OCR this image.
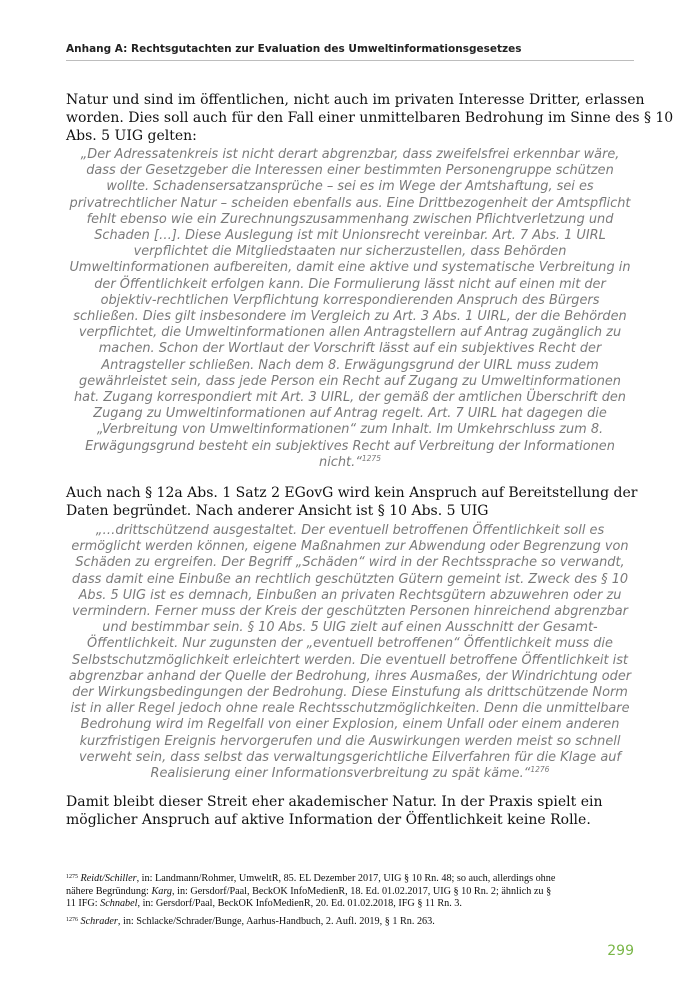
Anhang A: Rechtsgutachten zur Evaluation des Umweltinformationsgesetzes
Natur und sind im öffentlichen, nicht auch im privaten Interesse Dritter, erlassen
worden. Dies soll auch für den Fall einer unmittelbaren Bedrohung im Sinne des § 10
Abs. 5 UIG gelten:
„Der Adressatenkreis ist nicht derart abgrenzbar, dass zweifelsfrei erkennbar wäre,
dass der Gesetzgeber die Interessen einer bestimmten Personengruppe schützen
wollte. Schadensersatzansprüche – sei es im Wege der Amtshaftung, sei es
privatrechtlicher Natur – scheiden ebenfalls aus. Eine Drittbezogenheit der Amtspflicht
fehlt ebenso wie ein Zurechnungszusammenhang zwischen Pflichtverletzung und
Schaden […]. Diese Auslegung ist mit Unionsrecht vereinbar. Art. 7 Abs. 1 UIRL
verpflichtet die Mitgliedstaaten nur sicherzustellen, dass Behörden
Umweltinformationen aufbereiten, damit eine aktive und systematische Verbreitung in
der Öffentlichkeit erfolgen kann. Die Formulierung lässt nicht auf einen mit der
objektiv-rechtlichen Verpflichtung korrespondierenden Anspruch des Bürgers
schließen. Dies gilt insbesondere im Vergleich zu Art. 3 Abs. 1 UIRL, der die Behörden
verpflichtet, die Umweltinformationen allen Antragstellern auf Antrag zugänglich zu
machen. Schon der Wortlaut der Vorschrift lässt auf ein subjektives Recht der
Antragsteller schließen. Nach dem 8. Erwägungsgrund der UIRL muss zudem
gewährleistet sein, dass jede Person ein Recht auf Zugang zu Umweltinformationen
hat. Zugang korrespondiert mit Art. 3 UIRL, der gemäß der amtlichen Überschrift den
Zugang zu Umweltinformationen auf Antrag regelt. Art. 7 UIRL hat dagegen die
„Verbreitung von Umweltinformationen“ zum Inhalt. Im Umkehrschluss zum 8.
Erwägungsgrund besteht ein subjektives Recht auf Verbreitung der Informationen
nicht.“$^{1275}$
Auch nach § 12a Abs. 1 Satz 2 EGovG wird kein Anspruch auf Bereitstellung der
Daten begründet. Nach anderer Ansicht ist § 10 Abs. 5 UIG
„…drittschützend ausgestaltet. Der eventuell betroffenen Öffentlichkeit soll es
ermöglicht werden können, eigene Maßnahmen zur Abwendung oder Begrenzung von
Schäden zu ergreifen. Der Begriff „Schäden“ wird in der Rechtssprache so verwandt,
dass damit eine Einbuße an rechtlich geschützten Gütern gemeint ist. Zweck des § 10
Abs. 5 UIG ist es demnach, Einbußen an privaten Rechtsgütern abzuwehren oder zu
vermindern. Ferner muss der Kreis der geschützten Personen hinreichend abgrenzbar
und bestimmbar sein. § 10 Abs. 5 UIG zielt auf einen Ausschnitt der Gesamt-
Öffentlichkeit. Nur zugunsten der „eventuell betroffenen“ Öffentlichkeit muss die
Selbstschutzmöglichkeit erleichtert werden. Die eventuell betroffene Öffentlichkeit ist
abgrenzbar anhand der Quelle der Bedrohung, ihres Ausmaßes, der Windrichtung oder
der Wirkungsbedingungen der Bedrohung. Diese Einstufung als drittschützende Norm
ist in aller Regel jedoch ohne reale Rechtsschutzmöglichkeiten. Denn die unmittelbare
Bedrohung wird im Regelfall von einer Explosion, einem Unfall oder einem anderen
kurzfristigen Ereignis hervorgerufen und die Auswirkungen werden meist so schnell
verweht sein, dass selbst das verwaltungsgerichtliche Eilverfahren für die Klage auf
Realisierung einer Informationsverbreitung zu spät käme.“$^{1276}$
Damit bleibt dieser Streit eher akademischer Natur. In der Praxis spielt ein
möglicher Anspruch auf aktive Information der Öffentlichkeit keine Rolle.
$^{1275}$ Reidt/Schiller, in: Landmann/Rohmer, UmweltR, 85. EL Dezember 2017, UIG § 10 Rn. 48; so auch, allerdings ohne
nähere Begründung: Karg, in: Gersdorf/Paal, BeckOK InfoMedienR, 18. Ed. 01.02.2017, UIG § 10 Rn. 2; ähnlich zu §
11 IFG: Schnabel, in: Gersdorf/Paal, BeckOK InfoMedienR, 20. Ed. 01.02.2018, IFG § 11 Rn. 3.
$^{1276}$ Schrader, in: Schlacke/Schrader/Bunge, Aarhus-Handbuch, 2. Aufl. 2019, § 1 Rn. 263.
299
